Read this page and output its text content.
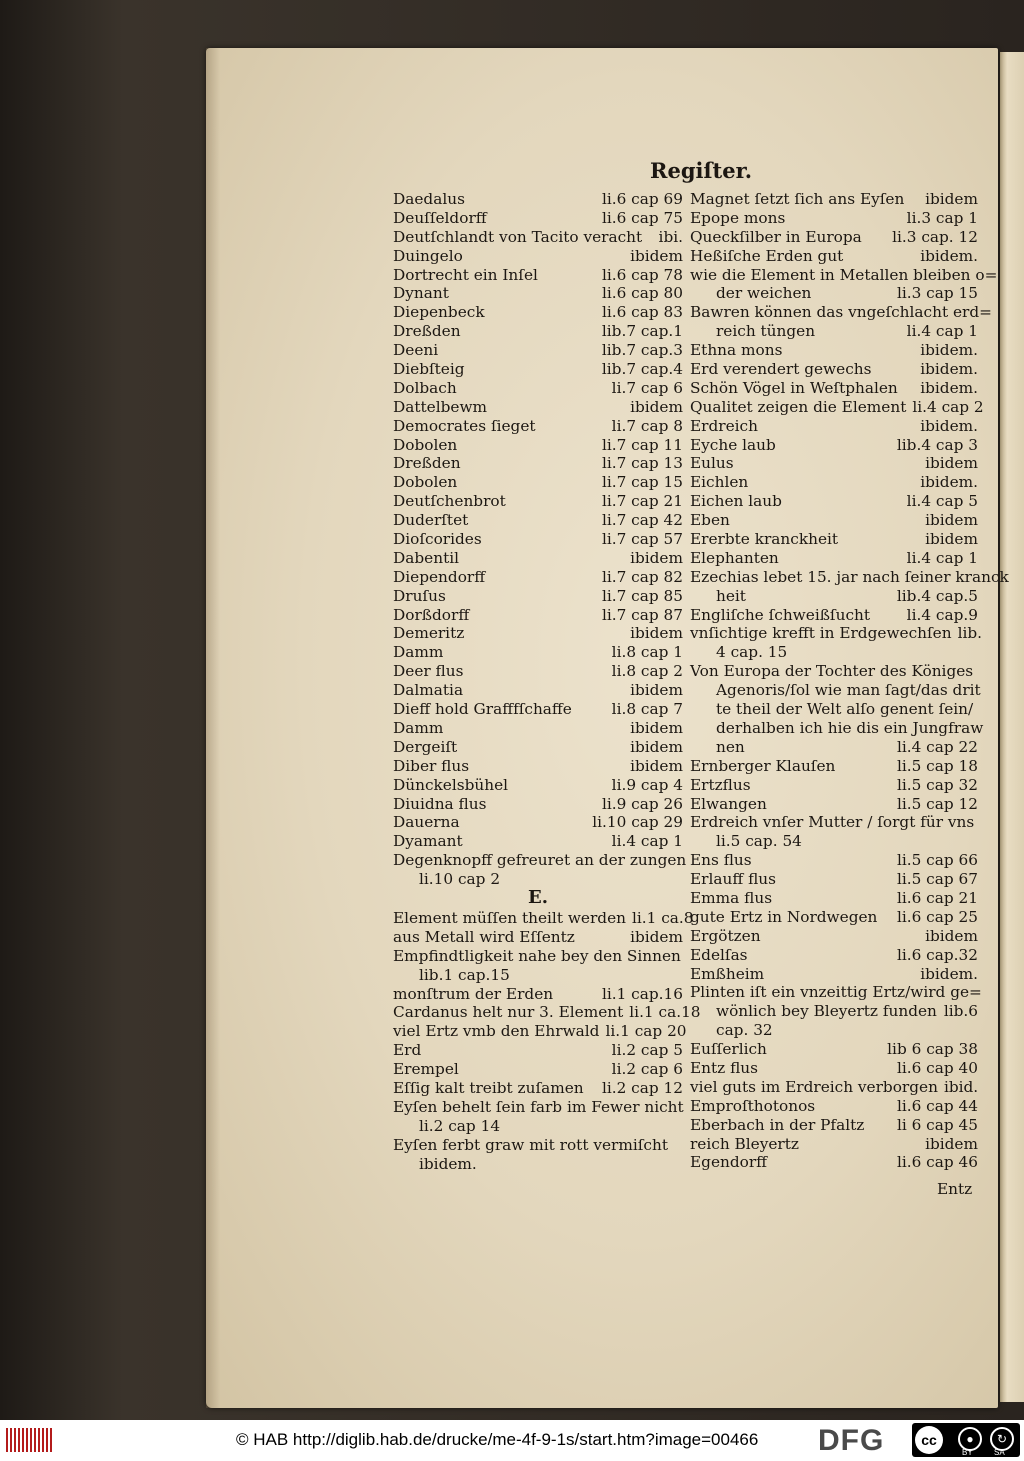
Regiſter.
Daedalus	li.6 cap 69
Deuſſeldorff	li.6 cap 75
Deutſchlandt von Tacito veracht	ibi.
Duingelo	ibidem
Dortrecht ein Inſel	li.6 cap 78
Dynant	li.6 cap 80
Diepenbeck	li.6 cap 83
Dreßden	lib.7 cap.1
Deeni	lib.7 cap.3
Diebſteig	lib.7 cap.4
Dolbach	li.7 cap 6
Dattelbewm	ibidem
Democrates ſieget	li.7 cap 8
Dobolen	li.7 cap 11
Dreßden	li.7 cap 13
Dobolen	li.7 cap 15
Deutſchenbrot	li.7 cap 21
Duderſtet	li.7 cap 42
Dioſcorides	li.7 cap 57
Dabentil	ibidem
Diependorff	li.7 cap 82
Druſus	li.7 cap 85
Dorßdorff	li.7 cap 87
Demeritz	ibidem
Damm	li.8 cap 1
Deer flus	li.8 cap 2
Dalmatia	ibidem
Dieff hold Grafffſchaffe	li.8 cap 7
Damm	ibidem
Dergeiſt	ibidem
Diber flus	ibidem
Dünckelsbühel	li.9 cap 4
Diuidna flus	li.9 cap 26
Dauerna	li.10 cap 29
Dyamant	li.4 cap 1
Degenknopff gefreuret an der zungen
li.10 cap 2
E.
Element müſſen theilt werden li.1 ca.8
aus Metall wird Eſſentz	ibidem
Empfindtligkeit nahe bey den Sinnen
lib.1 cap.15
monſtrum der Erden	li.1 cap.16
Cardanus helt nur 3. Element li.1 ca.18
viel Ertz vmb den Ehrwald li.1 cap 20
Erd	li.2 cap 5
Erempel	li.2 cap 6
Eſſig kalt treibt zuſamen	li.2 cap 12
Eyſen behelt ſein farb im Fewer nicht
li.2 cap 14
Eyſen ferbt graw mit rott vermiſcht
ibidem.
Magnet ſetzt ſich ans Eyſen	ibidem
Epope mons	li.3 cap 1
Queckſilber in Europa	li.3 cap. 12
Heßiſche Erden gut	ibidem.
wie die Element in Metallen bleiben o=
der weichen	li.3 cap 15
Bawren können das vngeſchlacht erd=
reich tüngen	li.4 cap 1
Ethna mons	ibidem.
Erd verendert gewechs	ibidem.
Schön Vögel in Weſtphalen	ibidem.
Qualitet zeigen die Element li.4 cap 2
Erdreich	ibidem.
Eyche laub	lib.4 cap 3
Eulus	ibidem
Eichlen	ibidem.
Eichen laub	li.4 cap 5
Eben	ibidem
Ererbte kranckheit	ibidem
Elephanten	li.4 cap 1
Ezechias lebet 15. jar nach ſeiner kranck
heit	lib.4 cap.5
Engliſche ſchweißſucht	li.4 cap.9
vnſichtige krefft in Erdgewechſen lib.
4 cap. 15
Von Europa der Tochter des Königes
Agenoris/ſol wie man ſagt/das drit
te theil der Welt alſo genent ſein/
derhalben ich hie dis ein Jungfraw
nen	li.4 cap 22
Ernberger Klauſen	li.5 cap 18
Ertzflus	li.5 cap 32
Elwangen	li.5 cap 12
Erdreich vnſer Mutter / ſorgt für vns
li.5 cap. 54
Ens flus	li.5 cap 66
Erlauff flus	li.5 cap 67
Emma flus	li.6 cap 21
gute Ertz in Nordwegen	li.6 cap 25
Ergötzen	ibidem
Edelſas	li.6 cap.32
Emßheim	ibidem.
Plinten iſt ein vnzeittig Ertz/wird ge=
wönlich bey Bleyertz funden lib.6
cap. 32
Euſſerlich	lib 6 cap 38
Entz flus	li.6 cap 40
viel guts im Erdreich verborgen ibid.
Emproſthotonos	li.6 cap 44
Eberbach in der Pfaltz	li 6 cap 45
reich Bleyertz	ibidem
Egendorff	li.6 cap 46
Entz
© HAB http://diglib.hab.de/drucke/me-4f-9-1s/start.htm?image=00466 DFG	cc	●	↻
BY	SA
